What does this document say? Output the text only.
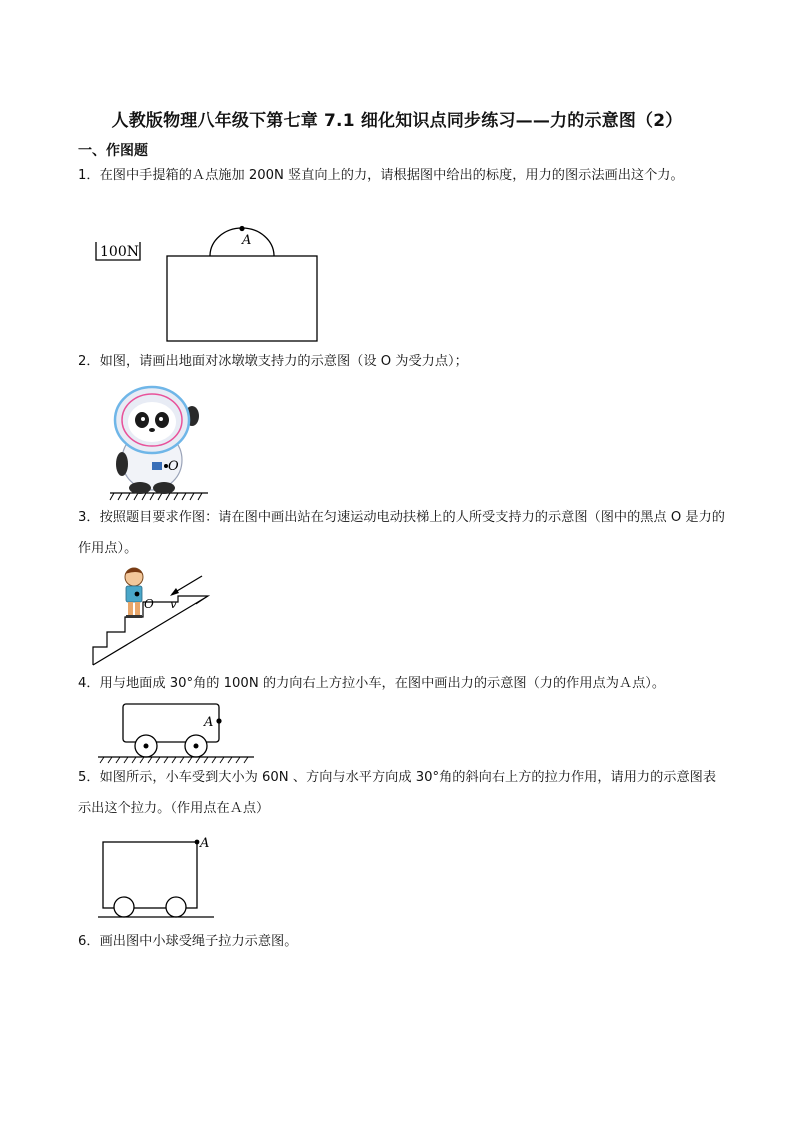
人教版物理八年级下第七章 7.1 细化知识点同步练习——力的示意图（2）
一、作图题
1．在图中手提箱的Ａ点施加 200N 竖直向上的力，请根据图中给出的标度，用力的图示法画出这个力。
100N
A
2．如图，请画出地面对冰墩墩支持力的示意图（设 O 为受力点）；
O
3．按照题目要求作图：请在图中画出站在匀速运动电动扶梯上的人所受支持力的示意图（图中的黑点 O 是力的作用点）。
v
O
4．用与地面成 30°角的 100N 的力向右上方拉小车，在图中画出力的示意图（力的作用点为Ａ点）。
A
5．如图所示，小车受到大小为 60N 、方向与水平方向成 30°角的斜向右上方的拉力作用，请用力的示意图表示出这个拉力。（作用点在Ａ点）
A
6．画出图中小球受绳子拉力示意图。
